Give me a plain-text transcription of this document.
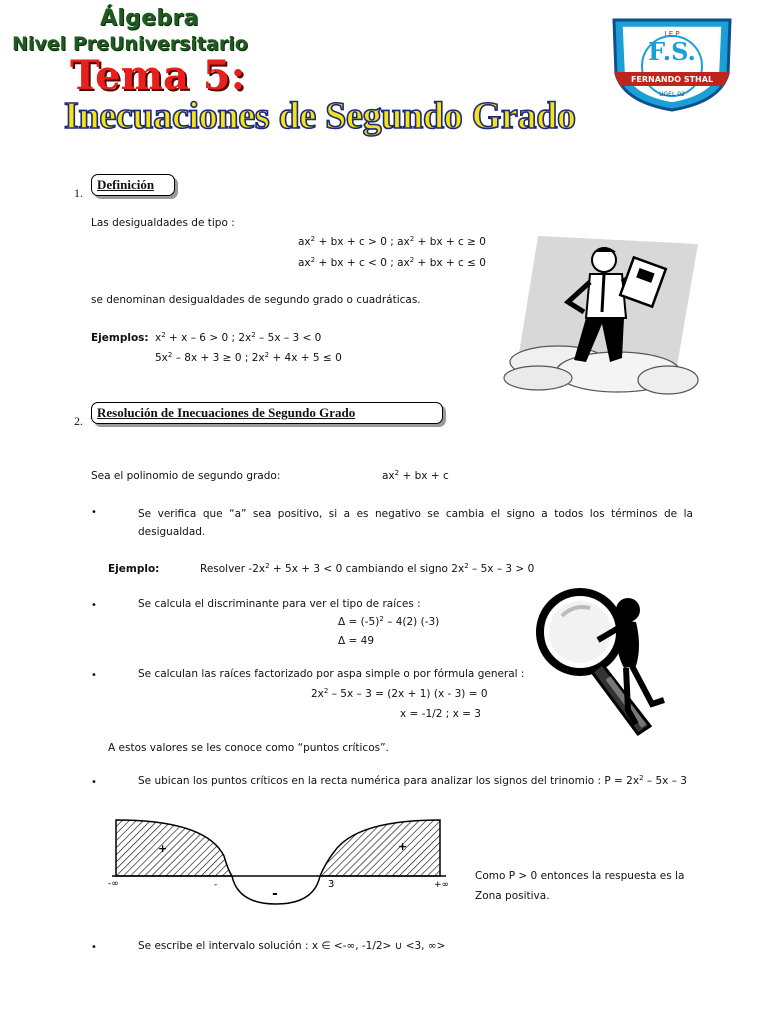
Álgebra
Nivel PreUniversitario
Tema 5:
Inecuaciones de Segundo Grado
I.E.P
F.S.
FERNANDO STHAL
UGEL 02
1.
Definición
Las desigualdades de tipo :
$ax^2$ + bx + c > 0 ; $ax^2$ + bx + c ≥ 0
$ax^2$ + bx + c < 0 ; $ax^2$ + bx + c ≤ 0
se denominan desigualdades de segundo grado o cuadráticas.
Ejemplos: $x^2 + x - 6 > 0$ ; $2x^2 - 5x - 3 < 0$
$5x^2 - 8x + 3 \ge 0$ ; $2x^2 + 4x + 5 \le 0$
2.
Resolución de Inecuaciones de Segundo Grado
Sea el polinomio de segundo grado:	$ax^2$ + bx + c
•	Se verifica que “a” sea positivo, si a es negativo se cambia el signo a todos los términos de la desigualdad.
Ejemplo:	Resolver $-2x^2 + 5x + 3 < 0$ cambiando el signo $2x^2 - 5x - 3 > 0$
•	Se calcula el discriminante para ver el tipo de raíces :
$\Delta = (-5)^2 - 4(2)$ (-3)
Δ = 49
•	Se calculan las raíces factorizado por aspa simple o por fórmula general :
$2x^2 - 5x - 3 = (2x + 1)$ (x - 3) = 0
x = -1/2 ; x = 3
A estos valores se les conoce como “puntos críticos”.
•	Se ubican los puntos críticos en la recta numérica para analizar los signos del trinomio : $P = 2x^2 - 5x - 3$
-∞	-	3	+∞
+	+
-
Como P > 0 entonces la respuesta es la Zona positiva.
•	Se escribe el intervalo solución : x ∈ <-∞, -1/2> ∪ <3, ∞>
